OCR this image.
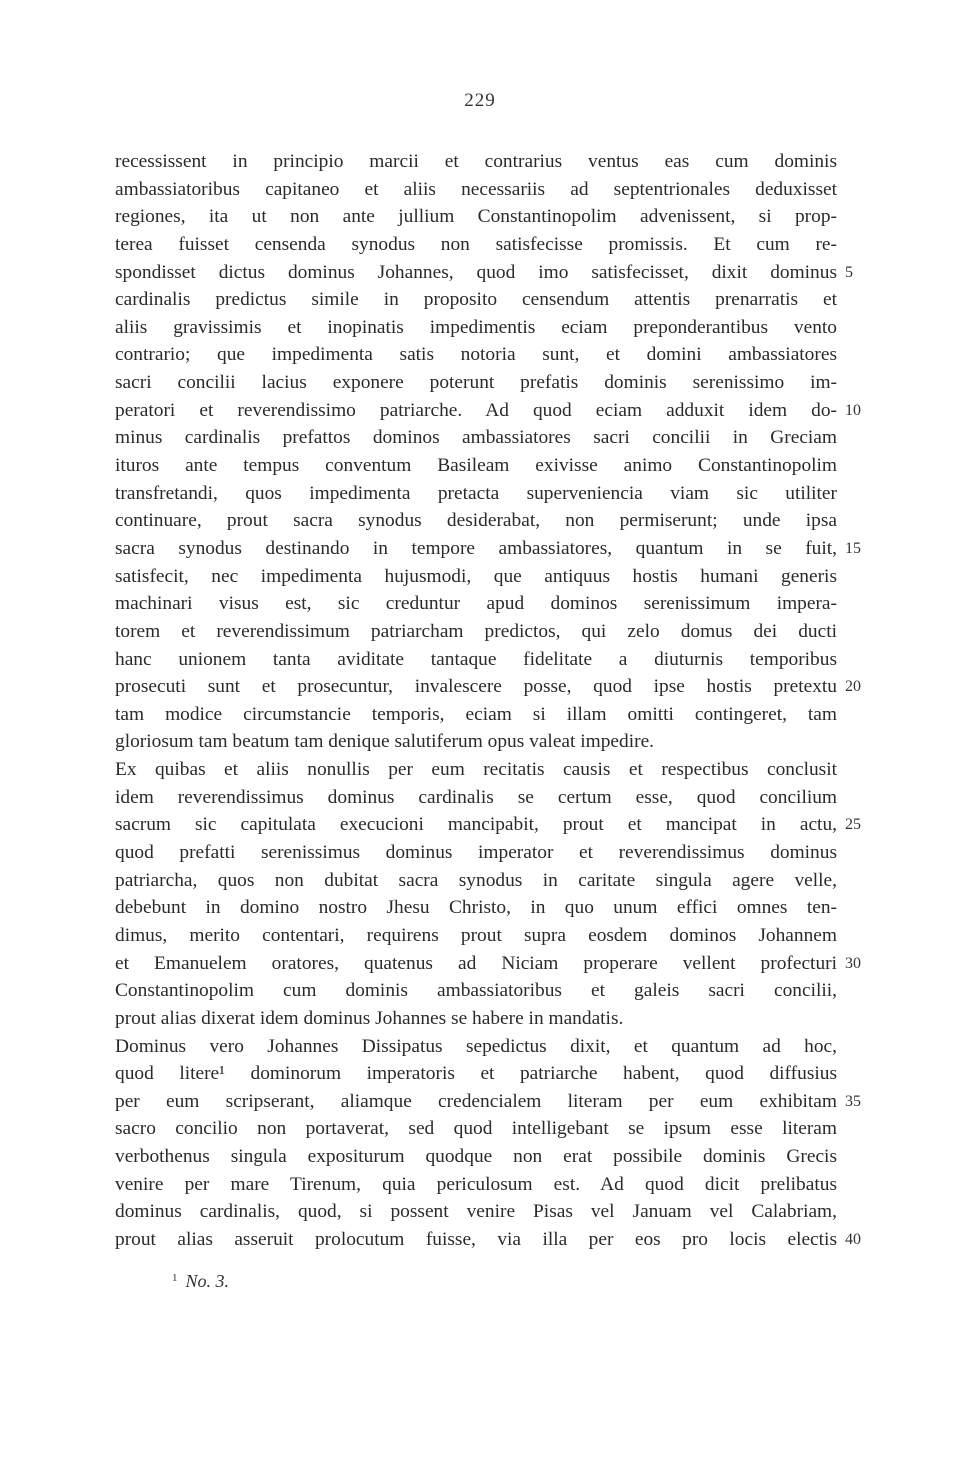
229
recessissent in principio marcii et contrarius ventus eas cum dominis
ambassiatoribus capitaneo et aliis necessariis ad septentrionales deduxisset
regiones, ita ut non ante jullium Constantinopolim advenissent, si prop-
terea fuisset censenda synodus non satisfecisse promissis. Et cum re-
spondisset dictus dominus Johannes, quod imo satisfecisset, dixit dominus 5
cardinalis predictus simile in proposito censendum attentis prenarratis et
aliis gravissimis et inopinatis impedimentis eciam preponderantibus vento
contrario; que impedimenta satis notoria sunt, et domini ambassiatores
sacri concilii lacius exponere poterunt prefatis dominis serenissimo im-
peratori et reverendissimo patriarche. Ad quod eciam adduxit idem do- 10
minus cardinalis prefattos dominos ambassiatores sacri concilii in Greciam
ituros ante tempus conventum Basileam exivisse animo Constantinopolim
transfretandi, quos impedimenta pretacta superveniencia viam sic utiliter
continuare, prout sacra synodus desiderabat, non permiserunt; unde ipsa
sacra synodus destinando in tempore ambassiatores, quantum in se fuit, 15
satisfecit, nec impedimenta hujusmodi, que antiquus hostis humani generis
machinari visus est, sic creduntur apud dominos serenissimum impera-
torem et reverendissimum patriarcham predictos, qui zelo domus dei ducti
hanc unionem tanta aviditate tantaque fidelitate a diuturnis temporibus
prosecuti sunt et prosecuntur, invalescere posse, quod ipse hostis pretextu 20
tam modice circumstancie temporis, eciam si illam omitti contingeret, tam
gloriosum tam beatum tam denique salutiferum opus valeat impedire.
Ex quibas et aliis nonullis per eum recitatis causis et respectibus conclusit
idem reverendissimus dominus cardinalis se certum esse, quod concilium
sacrum sic capitulata execucioni mancipabit, prout et mancipat in actu, 25
quod prefatti serenissimus dominus imperator et reverendissimus dominus
patriarcha, quos non dubitat sacra synodus in caritate singula agere velle,
debebunt in domino nostro Jhesu Christo, in quo unum effici omnes ten-
dimus, merito contentari, requirens prout supra eosdem dominos Johannem
et Emanuelem oratores, quatenus ad Niciam properare vellent profecturi 30
Constantinopolim cum dominis ambassiatoribus et galeis sacri concilii,
prout alias dixerat idem dominus Johannes se habere in mandatis.
Dominus vero Johannes Dissipatus sepedictus dixit, et quantum ad hoc,
quod litere¹ dominorum imperatoris et patriarche habent, quod diffusius
per eum scripserant, aliamque credencialem literam per eum exhibitam 35
sacro concilio non portaverat, sed quod intelligebant se ipsum esse literam
verbothenus singula expositurum quodque non erat possibile dominis Grecis
venire per mare Tirenum, quia periculosum est. Ad quod dicit prelibatus
dominus cardinalis, quod, si possent venire Pisas vel Januam vel Calabriam,
prout alias asseruit prolocutum fuisse, via illa per eos pro locis electis 40
$^1$ No. 3.
